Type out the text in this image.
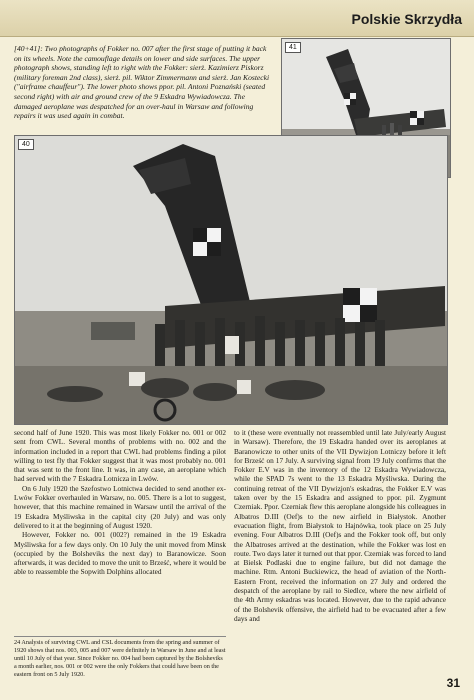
Polskie Skrzydła

[40+41]: Two photographs of Fokker no. 007 after the first stage of putting it back on its wheels. Note the camouflage details on lower and side surfaces. The upper photograph shows, standing left to right with the Fokker: sierż. Kazimierz Piskorz (military foreman 2nd class), sierż. pil. Wiktor Zimmermann and sierż. Jan Kostecki ("airframe chauffeur"). The lower photo shows ppor. pil. Antoni Poznański (seated second right) with air and ground crew of the 9 Eskadra Wywiadowcza. The damaged aeroplane was despatched for an over-haul in Warsaw and following repairs it was used again in combat.

41
40

second half of June 1920. This was most likely Fokker no. 001 or 002 sent from CWL. Several months of problems with no. 002 and the information included in a report that CWL had problems finding a pilot willing to test fly that Fokker suggest that it was most probably no. 001 that was sent to the front line. It was, in any case, an aeroplane which had served with the 7 Eskadra Lotnicza in Lwów.

On 6 July 1920 the Szefostwo Lotnictwa decided to send another ex-Lwów Fokker overhauled in Warsaw, no. 005. There is a lot to suggest, however, that this machine remained in Warsaw until the arrival of the 19 Eskadra Myśliwska in the capital city (20 July) and was only delivered to it at the beginning of August 1920.

However, Fokker no. 001 (002?) remained in the 19 Eskadra Myśliwska for a few days only. On 10 July the unit moved from Minsk (occupied by the Bolsheviks the next day) to Baranowicze. Soon afterwards, it was decided to move the unit to Brześć, where it would be able to reassemble the Sopwith Dolphins allocated

24 Analysis of surviving CWL and CSL documents from the spring and summer of 1920 shows that nos. 003, 005 and 007 were definitely in Warsaw in June and at least until 10 July of that year. Since Fokker no. 004 had been captured by the Bolsheviks a month earlier, nos. 001 or 002 were the only Fokkers that could have been on the eastern front on 5 July 1920.

to it (these were eventually not reassembled until late July/early August in Warsaw). Therefore, the 19 Eskadra handed over its aeroplanes at Baranowicze to other units of the VII Dywizjon Lotniczy before it left for Brześć on 17 July. A surviving signal from 19 July confirms that the Fokker E.V was in the inventory of the 12 Eskadra Wywiadowcza, while the SPAD 7s went to the 13 Eskadra Myśliwska. During the continuing retreat of the VII Dywizjon's eskadras, the Fokker E.V was taken over by the 15 Eskadra and assigned to ppor. pil. Zygmunt Czerniak. Ppor. Czerniak flew this aeroplane alongside his colleagues in Albatros D.III (Oef)s to the new airfield in Białystok. Another evacuation flight, from Białystok to Hajnówka, took place on 25 July evening. Four Albatros D.III (Oef)s and the Fokker took off, but only the Albatroses arrived at the destination, while the Fokker was lost en route. Two days later it turned out that ppor. Czerniak was forced to land at Bielsk Podlaski due to engine failure, but did not damage the machine. Rtm. Antoni Buckiewicz, the head of aviation of the North-Eastern Front, received the information on 27 July and ordered the despatch of the aeroplane by rail to Siedlce, where the new airfield of the 4th Army eskadras was located. However, due to the rapid advance of the Bolshevik offensive, the airfield had to be evacuated after a few days and

31
